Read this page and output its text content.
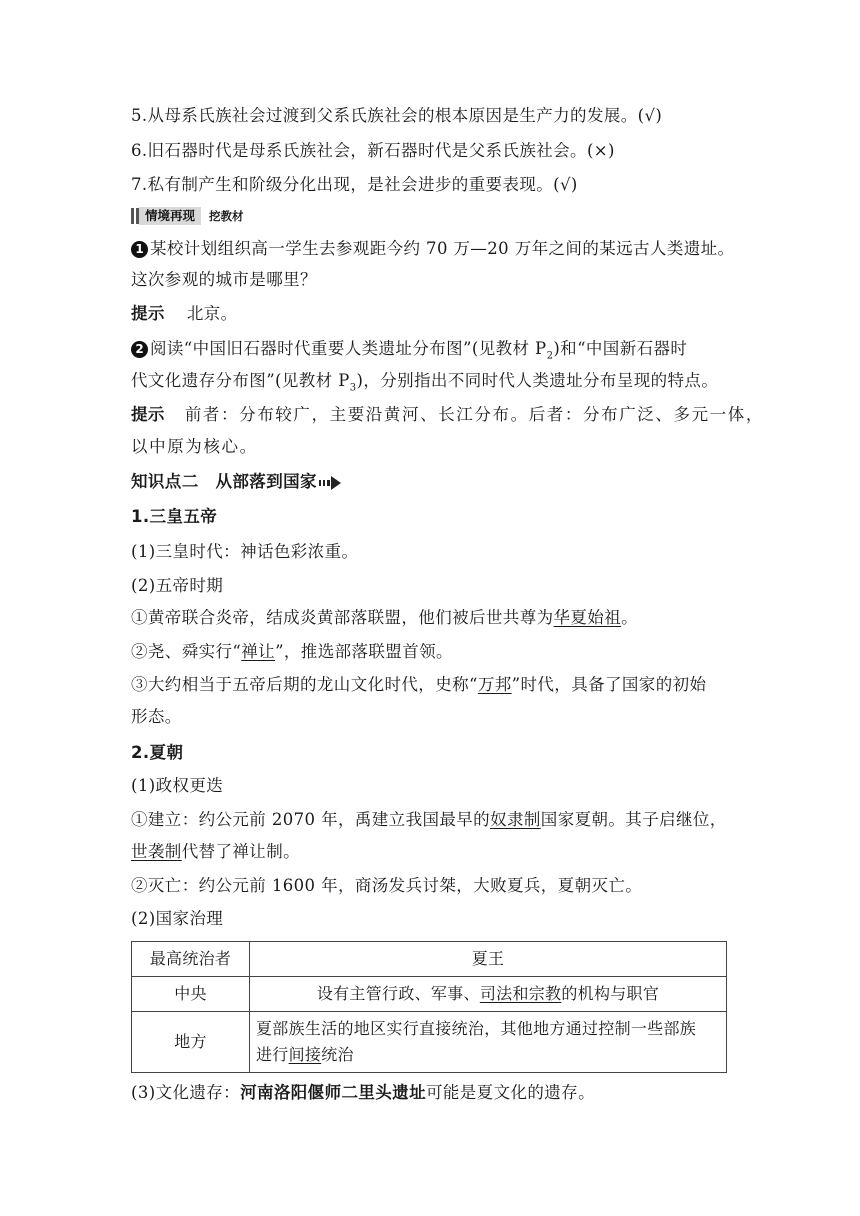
5.从母系氏族社会过渡到父系氏族社会的根本原因是生产力的发展。(√)
6.旧石器时代是母系氏族社会，新石器时代是父系氏族社会。(×)
7.私有制产生和阶级分化出现，是社会进步的重要表现。(√)
情境再现	挖教材
1 某校计划组织高一学生去参观距今约 70 万—20 万年之间的某远古人类遗址。
这次参观的城市是哪里？
提示 北京。
2 阅读“中国旧石器时代重要人类遗址分布图”(见教材 $P_2$)和“中国新石器时
代文化遗存分布图”(见教材 $P_3$)，分别指出不同时代人类遗址分布呈现的特点。
提示 前者：分布较广，主要沿黄河、长江分布。后者：分布广泛、多元一体，
以中原为核心。
知识点二　从部落到国家
1.三皇五帝
(1)三皇时代：神话色彩浓重。
(2)五帝时期
①黄帝联合炎帝，结成炎黄部落联盟，他们被后世共尊为华夏始祖。
②尧、舜实行“禅让”，推选部落联盟首领。
③大约相当于五帝后期的龙山文化时代，史称“万邦”时代，具备了国家的初始
形态。
2.夏朝
(1)政权更迭
①建立：约公元前 2070 年，禹建立我国最早的奴隶制国家夏朝。其子启继位，
世袭制代替了禅让制。
②灭亡：约公元前 1600 年，商汤发兵讨桀，大败夏兵，夏朝灭亡。
(2)国家治理
(3)文化遗存：河南洛阳偃师二里头遗址可能是夏文化的遗存。
最高统治者	夏王
中央	设有主管行政、军事、司法和宗教的机构与职官
地方	夏部族生活的地区实行直接统治，其他地方通过控制一些部族
进行间接统治
